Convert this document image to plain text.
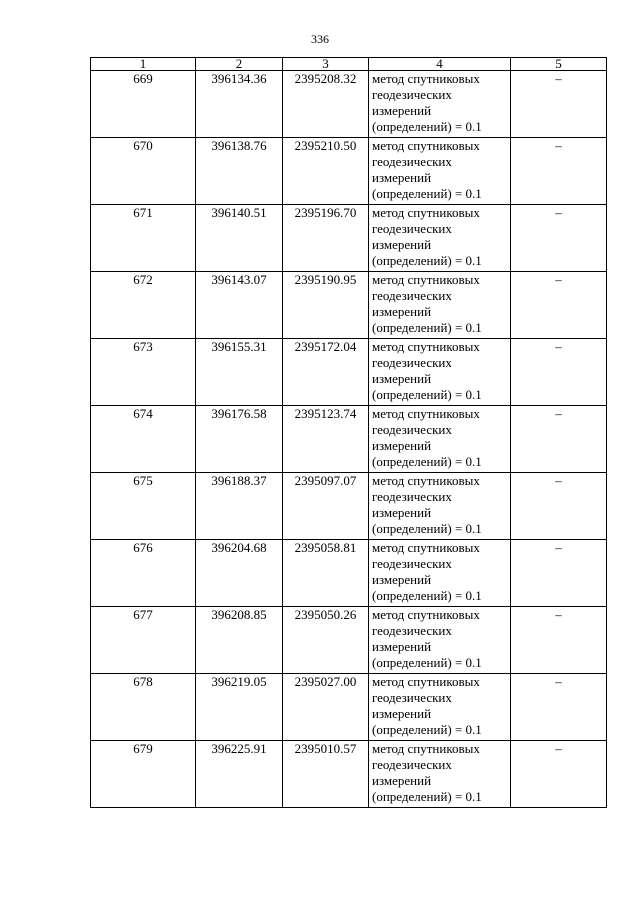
336
1	2	3	4	5
669	396134.36	2395208.32	метод спутниковых геодезических измерений (определений) = 0.1	–
670	396138.76	2395210.50	метод спутниковых геодезических измерений (определений) = 0.1	–
671	396140.51	2395196.70	метод спутниковых геодезических измерений (определений) = 0.1	–
672	396143.07	2395190.95	метод спутниковых геодезических измерений (определений) = 0.1	–
673	396155.31	2395172.04	метод спутниковых геодезических измерений (определений) = 0.1	–
674	396176.58	2395123.74	метод спутниковых геодезических измерений (определений) = 0.1	–
675	396188.37	2395097.07	метод спутниковых геодезических измерений (определений) = 0.1	–
676	396204.68	2395058.81	метод спутниковых геодезических измерений (определений) = 0.1	–
677	396208.85	2395050.26	метод спутниковых геодезических измерений (определений) = 0.1	–
678	396219.05	2395027.00	метод спутниковых геодезических измерений (определений) = 0.1	–
679	396225.91	2395010.57	метод спутниковых геодезических измерений (определений) = 0.1	–
